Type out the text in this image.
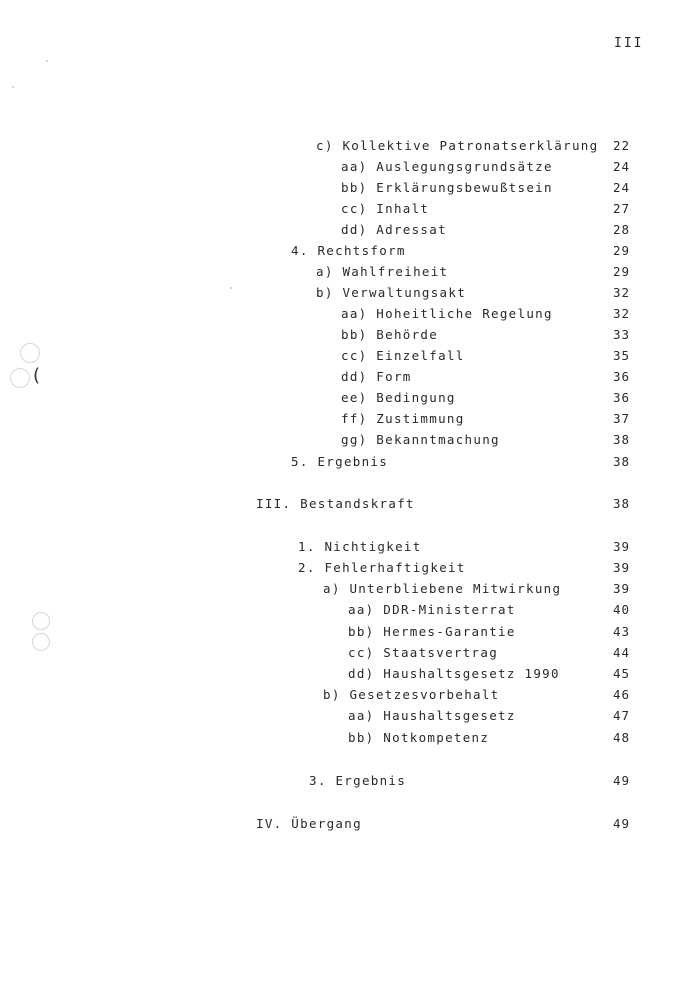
III
c) Kollektive Patronatserklärung 22
aa) Auslegungsgrundsätze	24
bb) Erklärungsbewußtsein	24
cc) Inhalt	27
dd) Adressat	28
4. Rechtsform	29
a) Wahlfreiheit	29
b) Verwaltungsakt	32
aa) Hoheitliche Regelung	32
bb) Behörde	33
cc) Einzelfall	35
dd) Form	36
ee) Bedingung	36
ff) Zustimmung	37
gg) Bekanntmachung	38
5. Ergebnis	38
III. Bestandskraft	38
1. Nichtigkeit	39
2. Fehlerhaftigkeit	39
a) Unterbliebene Mitwirkung	39
aa) DDR-Ministerrat	40
bb) Hermes-Garantie	43
cc) Staatsvertrag	44
dd) Haushaltsgesetz 1990	45
b) Gesetzesvorbehalt	46
aa) Haushaltsgesetz	47
bb) Notkompetenz	48
3. Ergebnis	49
IV. Übergang	49
(
